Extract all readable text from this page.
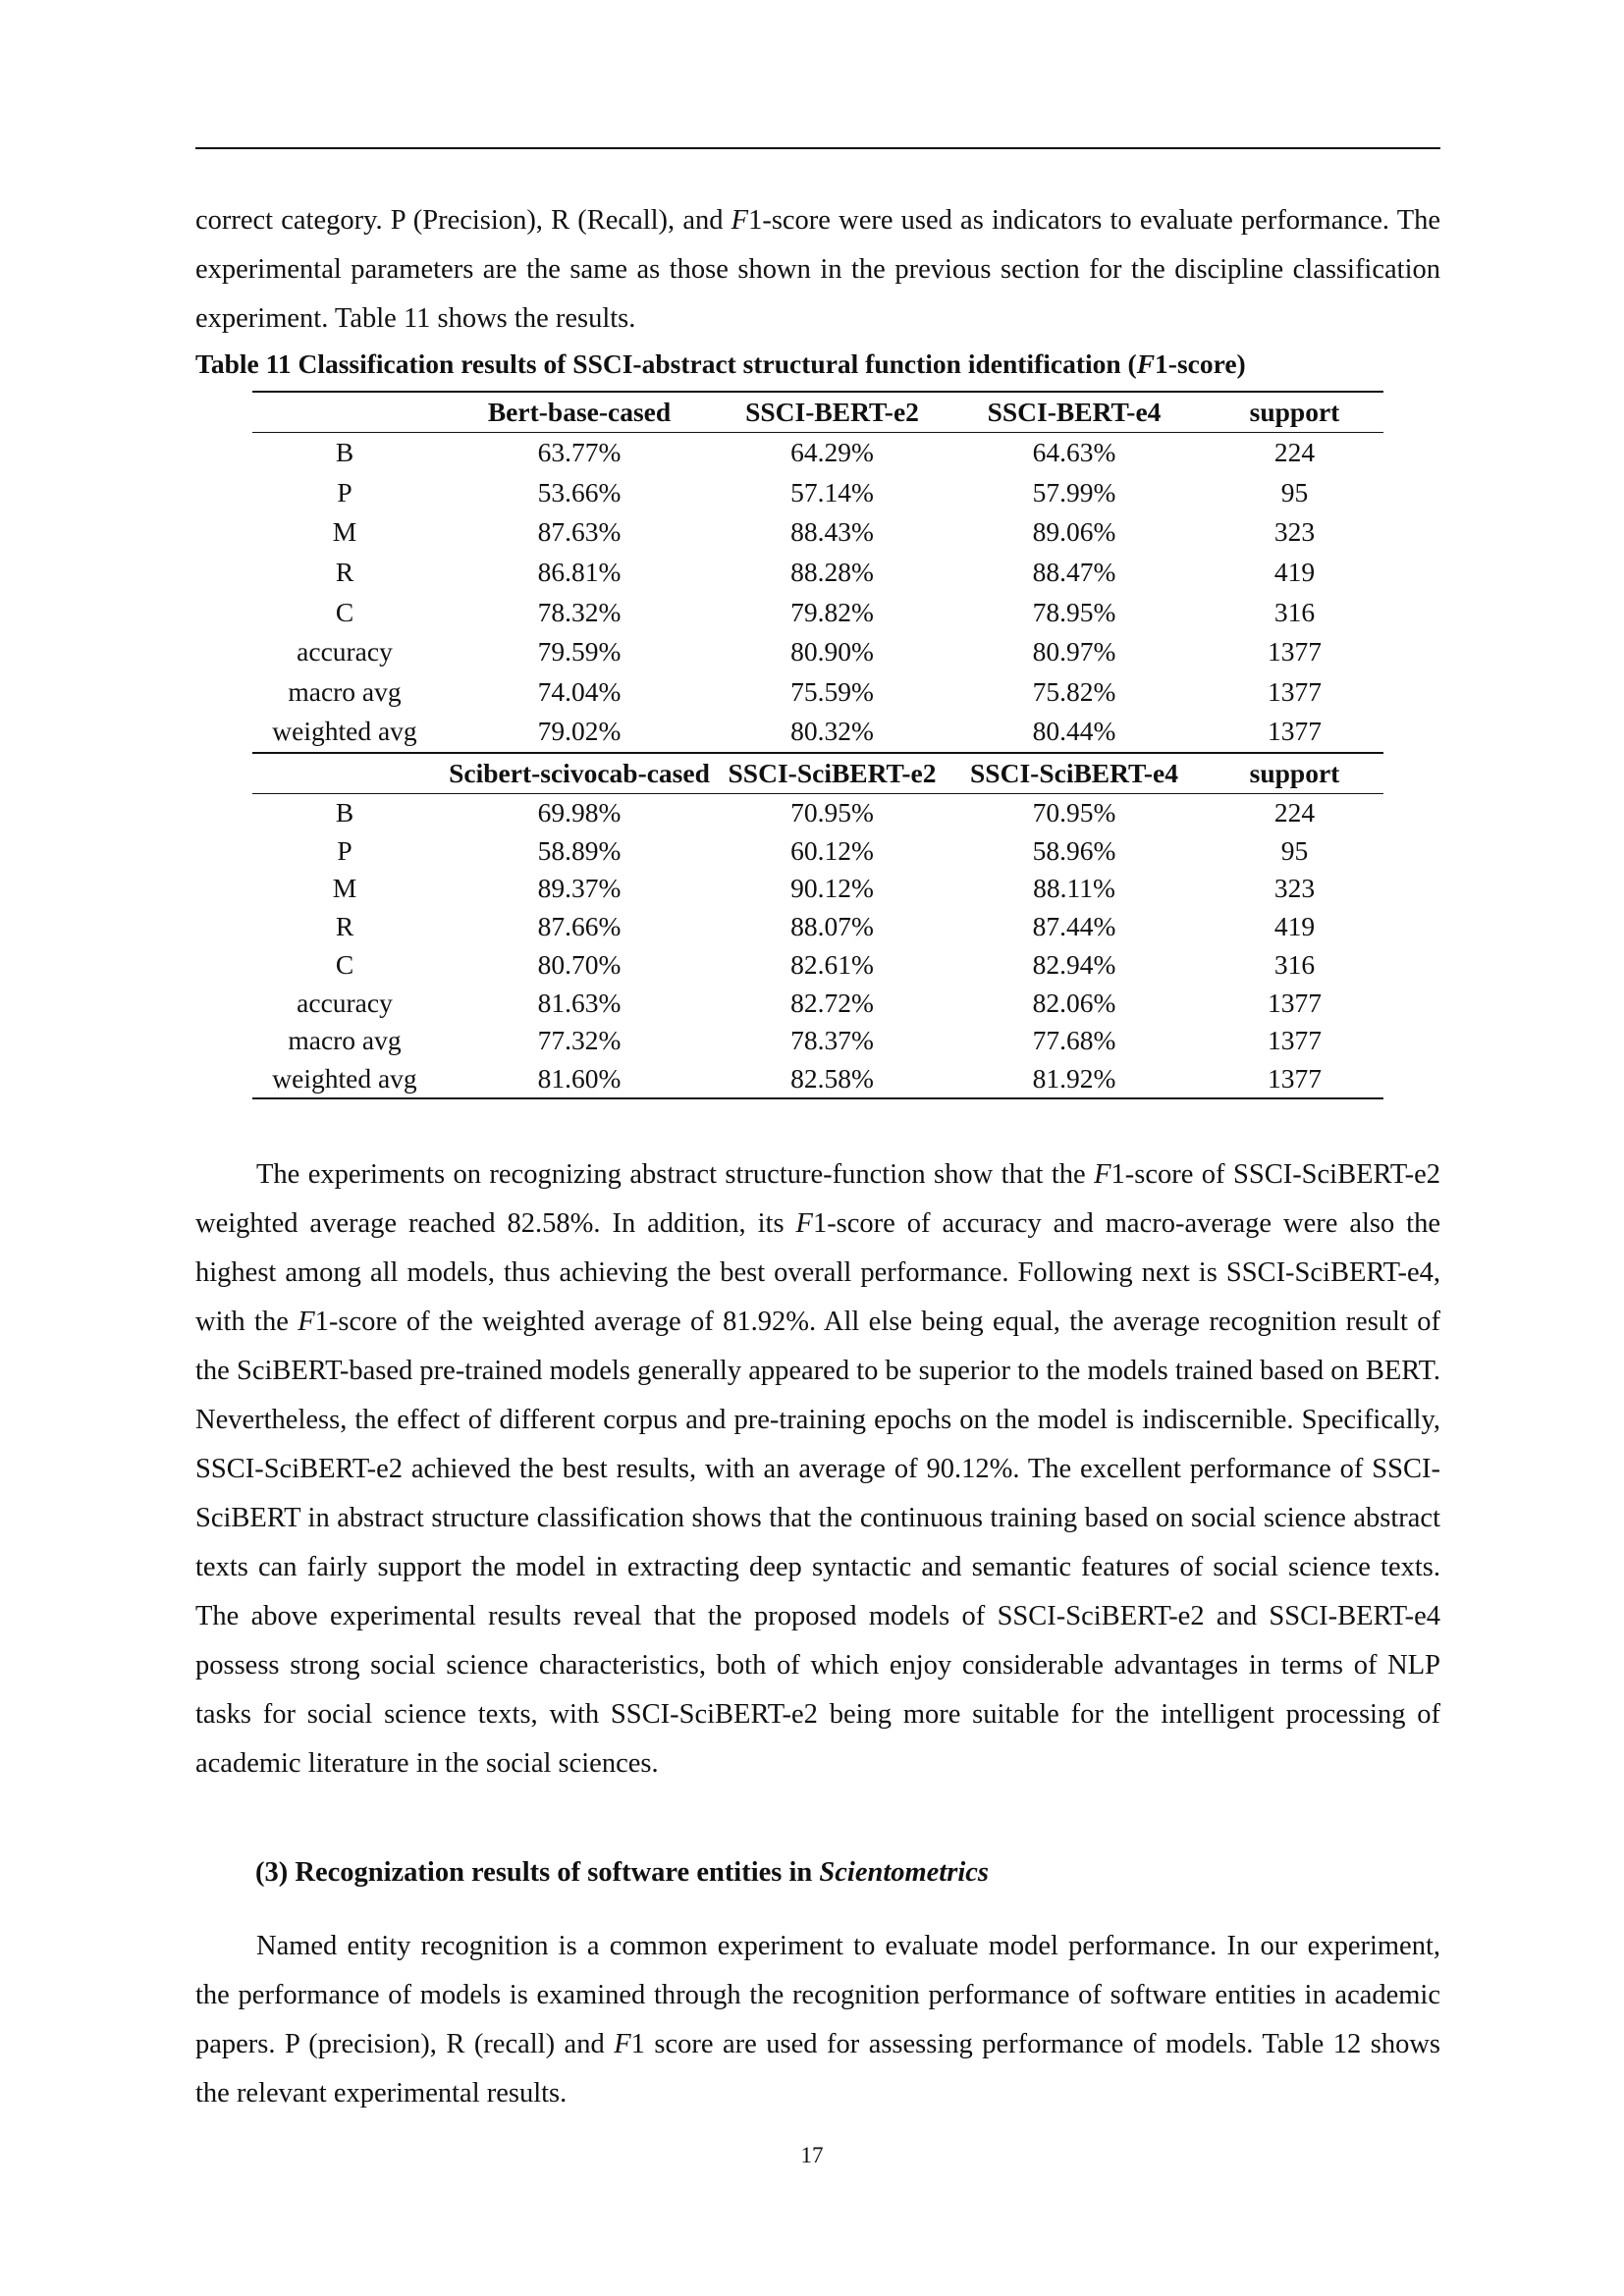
correct category. P (Precision), R (Recall), and F1-score were used as indicators to evaluate performance. The experimental parameters are the same as those shown in the previous section for the discipline classification experiment. Table 11 shows the results.

Table 11 Classification results of SSCI-abstract structural function identification (F1-score)
	Bert-base-cased	SSCI-BERT-e2	SSCI-BERT-e4	support
B	63.77%	64.29%	64.63%	224
P	53.66%	57.14%	57.99%	95
M	87.63%	88.43%	89.06%	323
R	86.81%	88.28%	88.47%	419
C	78.32%	79.82%	78.95%	316
accuracy	79.59%	80.90%	80.97%	1377
macro avg	74.04%	75.59%	75.82%	1377
weighted avg	79.02%	80.32%	80.44%	1377
	Scibert-scivocab-cased	SSCI-SciBERT-e2	SSCI-SciBERT-e4	support
B	69.98%	70.95%	70.95%	224
P	58.89%	60.12%	58.96%	95
M	89.37%	90.12%	88.11%	323
R	87.66%	88.07%	87.44%	419
C	80.70%	82.61%	82.94%	316
accuracy	81.63%	82.72%	82.06%	1377
macro avg	77.32%	78.37%	77.68%	1377
weighted avg	81.60%	82.58%	81.92%	1377

The experiments on recognizing abstract structure-function show that the F1-score of SSCI-SciBERT-e2 weighted average reached 82.58%. In addition, its F1-score of accuracy and macro-average were also the highest among all models, thus achieving the best overall performance. Following next is SSCI-SciBERT-e4, with the F1-score of the weighted average of 81.92%. All else being equal, the average recognition result of the SciBERT-based pre-trained models generally appeared to be superior to the models trained based on BERT. Nevertheless, the effect of different corpus and pre-training epochs on the model is indiscernible. Specifically, SSCI-SciBERT-e2 achieved the best results, with an average of 90.12%. The excellent performance of SSCI-SciBERT in abstract structure classification shows that the continuous training based on social science abstract texts can fairly support the model in extracting deep syntactic and semantic features of social science texts. The above experimental results reveal that the proposed models of SSCI-SciBERT-e2 and SSCI-BERT-e4 possess strong social science characteristics, both of which enjoy considerable advantages in terms of NLP tasks for social science texts, with SSCI-SciBERT-e2 being more suitable for the intelligent processing of academic literature in the social sciences.

(3) Recognization results of software entities in Scientometrics

Named entity recognition is a common experiment to evaluate model performance. In our experiment, the performance of models is examined through the recognition performance of software entities in academic papers. P (precision), R (recall) and F1 score are used for assessing performance of models. Table 12 shows the relevant experimental results.

17
